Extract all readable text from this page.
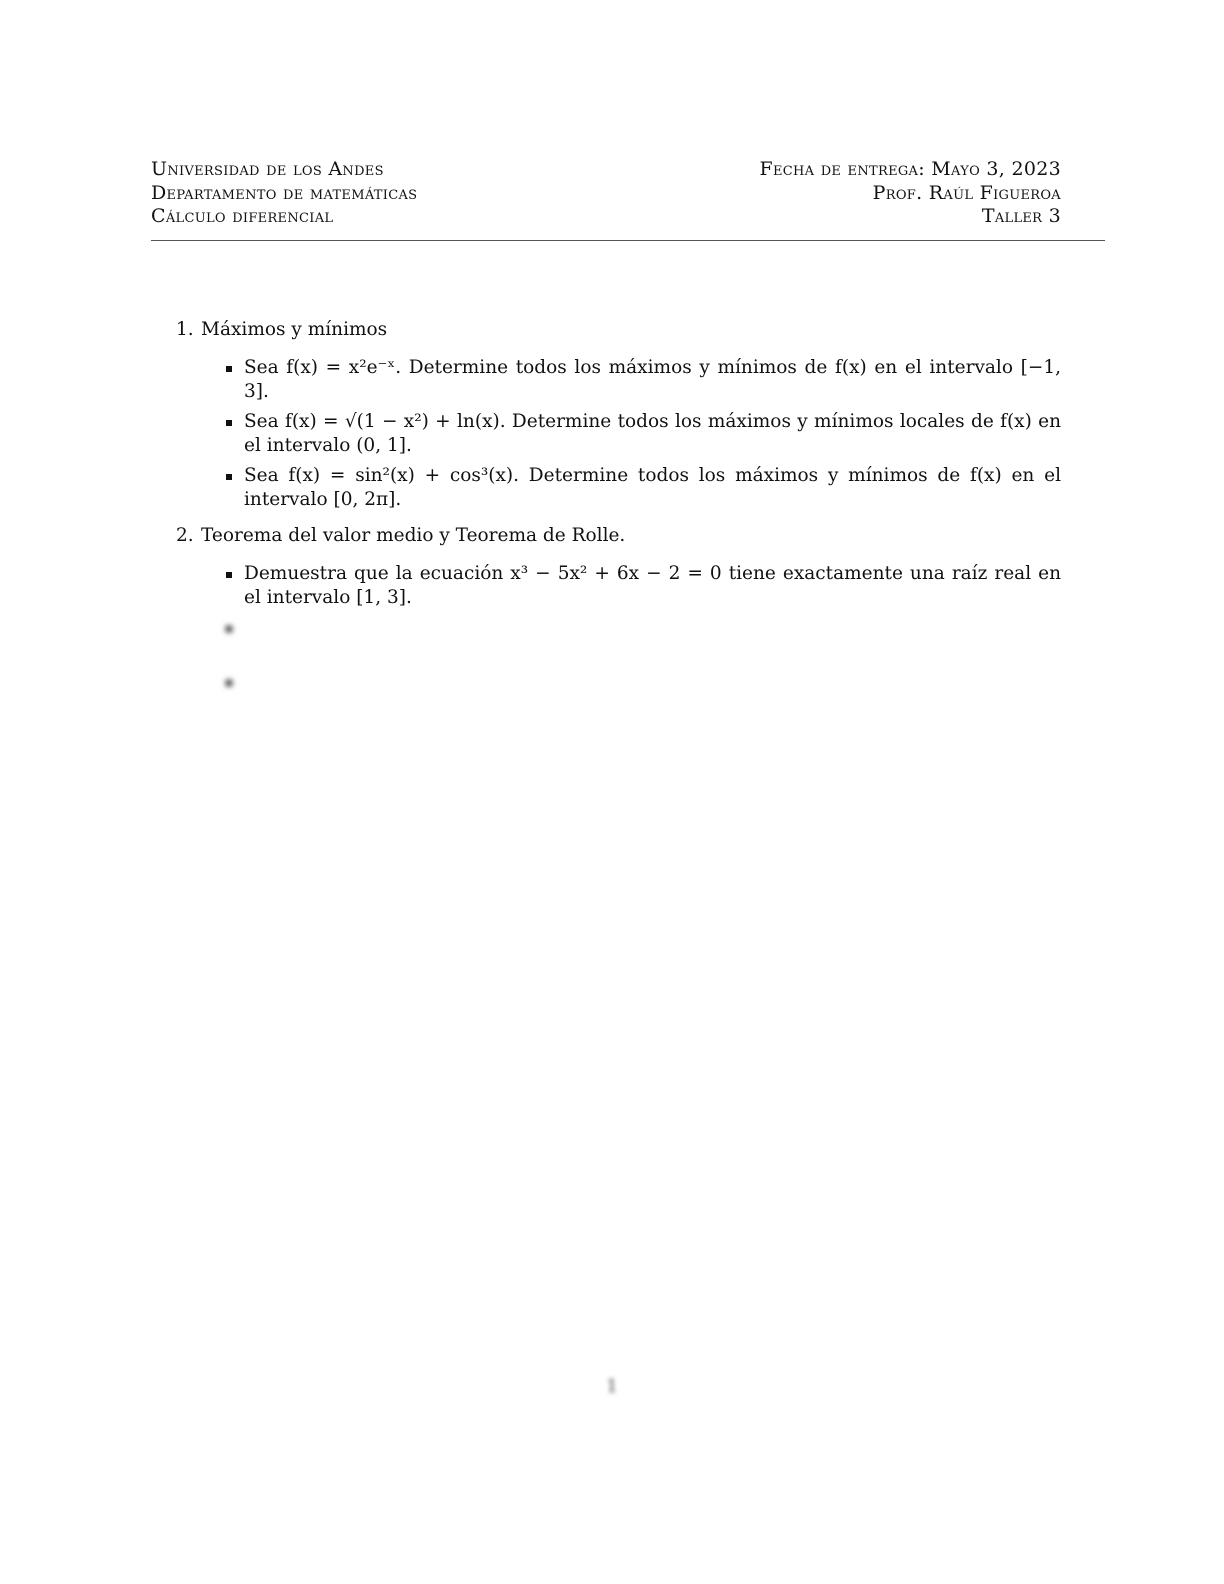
Universidad de los Andes
Departamento de matemáticas
Cálculo diferencial
Fecha de entrega: Mayo 3, 2023
Prof. Raúl Figueroa
Taller 3
1. Máximos y mínimos
Sea f(x) = x²e⁻ˣ. Determine todos los máximos y mínimos de f(x) en el intervalo [−1, 3].
Sea f(x) = √(1 − x²) + ln(x). Determine todos los máximos y mínimos locales de f(x) en el intervalo (0, 1].
Sea f(x) = sin²(x) + cos³(x). Determine todos los máximos y mínimos de f(x) en el intervalo [0, 2π].
2. Teorema del valor medio y Teorema de Rolle.
Demuestra que la ecuación x³ − 5x² + 6x − 2 = 0 tiene exactamente una raíz real en el intervalo [1, 3].

1
